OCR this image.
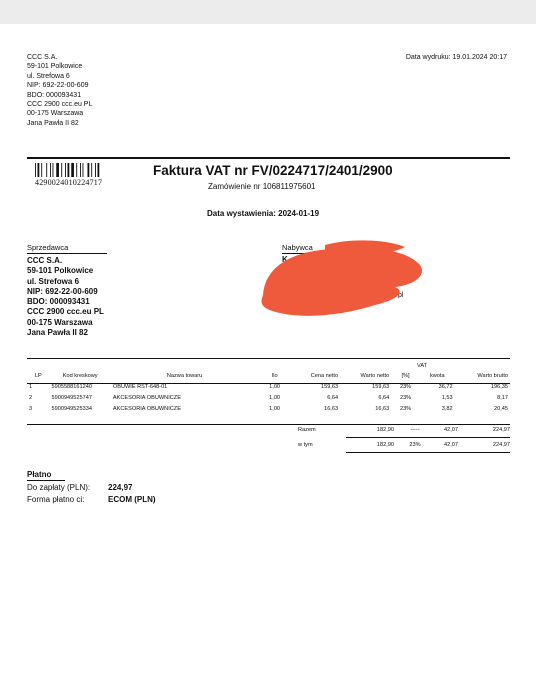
CCC S.A.
59-101 Polkowice
ul. Strefowa 6
NIP: 692-22-00-609
BDO: 000093431
CCC 2900 ccc.eu PL
00-175 Warszawa
Jana Pawła II 82
Data wydruku: 19.01.2024 20:17
4290024010224717
Faktura VAT nr FV/0224717/2401/2900
Zamówienie nr 106811975601
Data wystawienia: 2024-01-19
Sprzedawca
CCC S.A.
59-101 Polkowice
ul. Strefowa 6
NIP: 692-22-00-609
BDO: 000093431
CCC 2900 ccc.eu PL
00-175 Warszawa
Jana Pawła II 82
Nabywca
K
pl
VAT

LP	Kod kreskowy	Nazwa towaru	Ilo	Cena netto	Warto netto	[%]	kwota	Warto brutto
1	5905588161240	OBUWIE RST-648-01	1,00	159,63	159,63	23%	36,72	196,35
2	5900949525747	AKCESORIA OBUWNICZE	1,00	6,64	6,64	23%	1,53	8,17
3	5900949525334	AKCESORIA OBUWNICZE	1,00	16,63	16,63	23%	3,82	20,45
Razem	182,90	-----	42,07	224,97
w tym	182,90	23%	42,07	224,97
Płatno
Do zapłaty (PLN): 224,97
Forma płatno ci:	ECOM (PLN)
